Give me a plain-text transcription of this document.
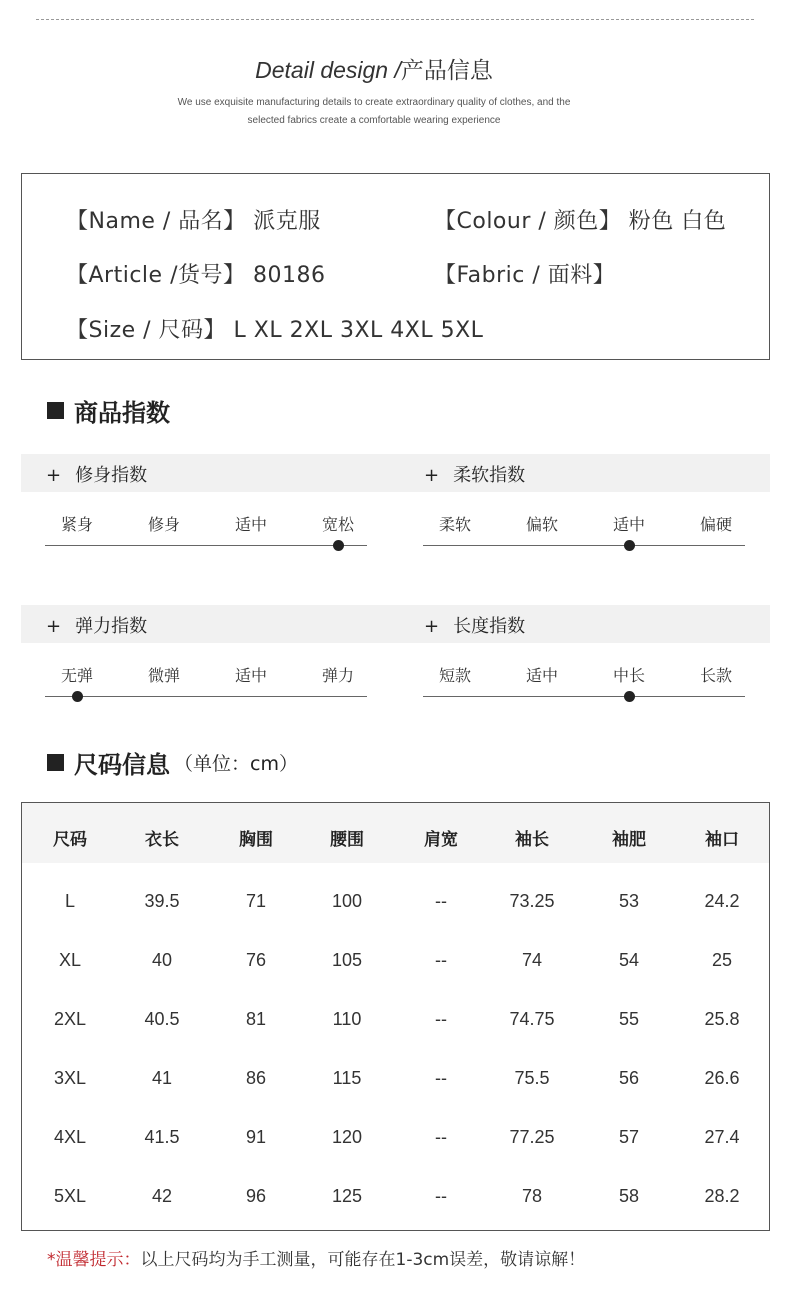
Detail design /产品信息
We use exquisite manufacturing details to create extraordinary quality of clothes, and the
selected fabrics create a comfortable wearing experience
【Name / 品名】 派克服	【Colour / 颜色】 粉色 白色
【Article /货号】 80186	【Fabric / 面料】
【Size / 尺码】 L XL 2XL 3XL 4XL 5XL
商品指数
+ 修身指数
紧身	修身	适中	宽松
+ 柔软指数
柔软	偏软	适中	偏硬
+ 弹力指数
无弹	微弹	适中	弹力
+ 长度指数
短款	适中	中长	长款
尺码信息 （单位：cm）
尺码	衣长	胸围	腰围	肩宽	袖长	袖肥	袖口
L	39.5	71	100	--	73.25	53	24.2
XL	40	76	105	--	74	54	25
2XL	40.5	81	110	--	74.75	55	25.8
3XL	41	86	115	--	75.5	56	26.6
4XL	41.5	91	120	--	77.25	57	27.4
5XL	42	96	125	--	78	58	28.2
*温馨提示：以上尺码均为手工测量，可能存在1-3cm误差，敬请谅解！
